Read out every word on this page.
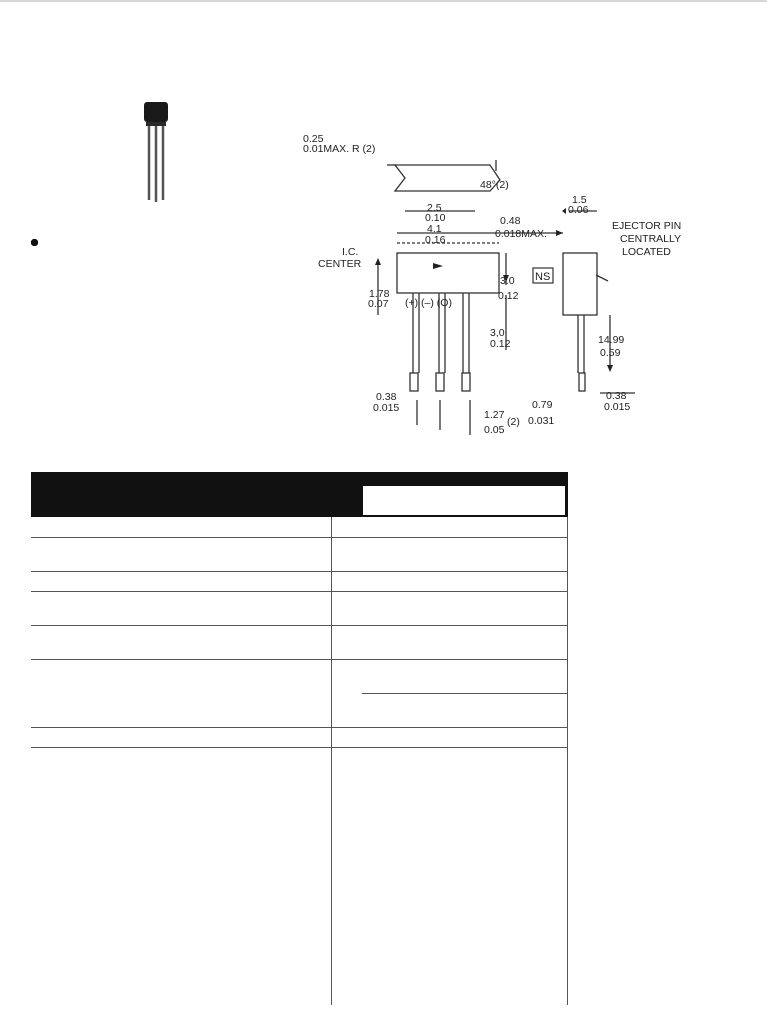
0.25
0.01MAX. R (2)
48°(2)
2.5
0.10
4.1
0.16
0.48
0.018MAX.
1.5
0.06
EJECTOR PIN
CENTRALLY
LOCATED
I.C.
CENTER
1.78
0.07 (+) (–) (O)
3.0
0.12
3,0
0.12	14.99
0.59
0.38
0.015
0.38
0.015	0.79
0.031
1.27
0.05
(2)
NS
